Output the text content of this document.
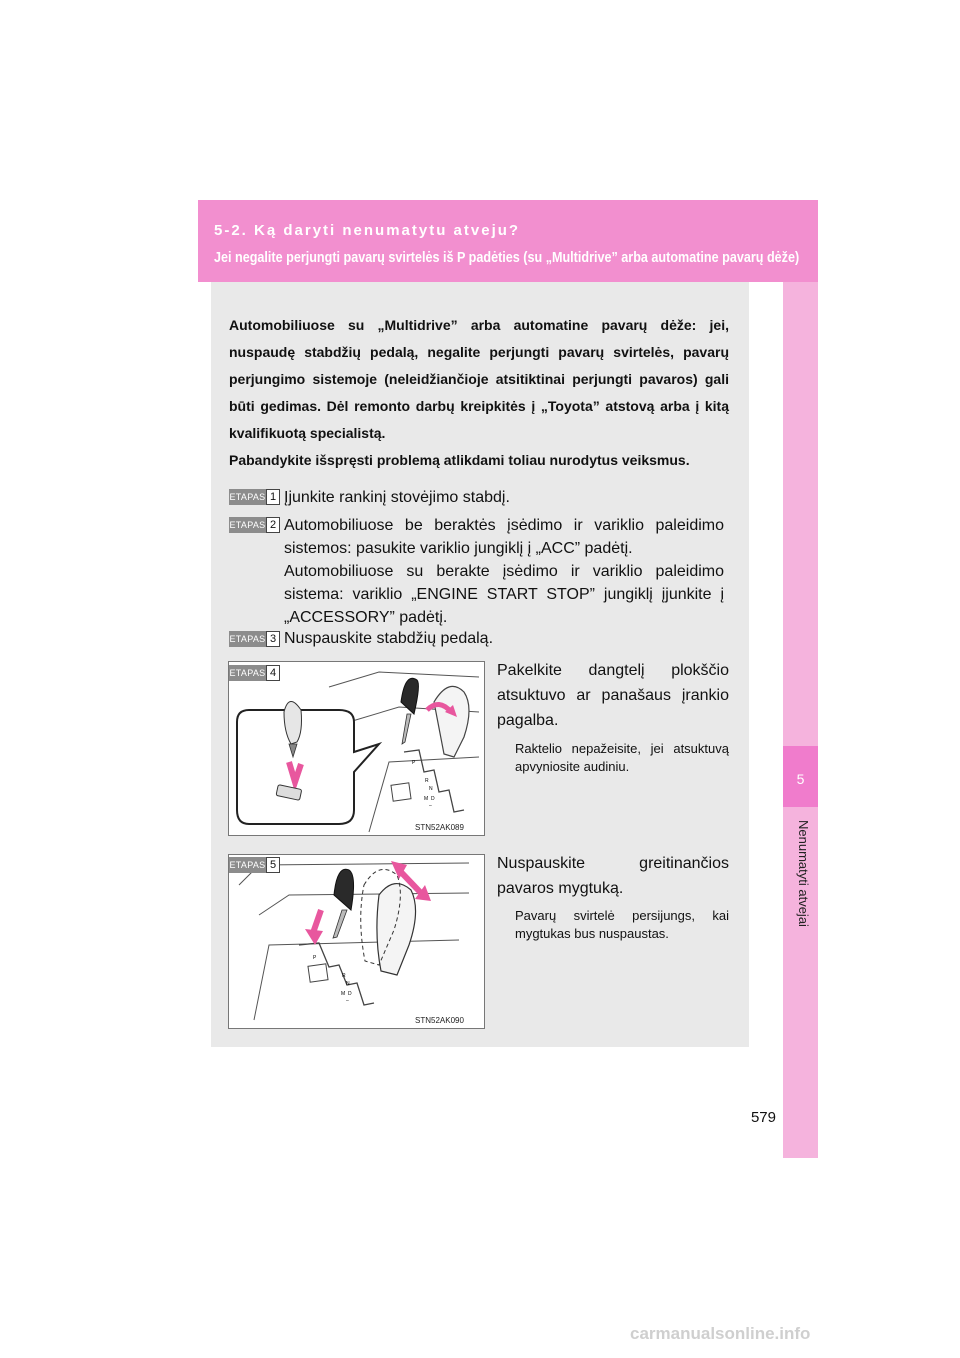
5-2. Ką daryti nenumatytu atveju?
Jei negalite perjungti pavarų svirtelės iš P padėties (su „Multidrive” arba automatine pavarų dėže)
5
Nenumatyti atvejai

Automobiliuose su „Multidrive” arba automatine pavarų dėže: jei, nuspaudę stabdžių pedalą, negalite perjungti pavarų svirtelės, pavarų perjungimo sistemoje (neleidžiančioje atsitiktinai perjungti pavaros) gali būti gedimas. Dėl remonto darbų kreipkitės į „Toyota” atstovą arba į kitą kvalifikuotą specialistą.
Pabandykite išspręsti problemą atlikdami toliau nurodytus veiksmus.

ETAPAS 1 Įjunkite rankinį stovėjimo stabdį.

ETAPAS 2 Automobiliuose be beraktės įsėdimo ir variklio paleidimo sistemos: pasukite variklio jungiklį į „ACC” padėtį.
Automobiliuose su berakte įsėdimo ir variklio paleidimo sistema: variklio „ENGINE START STOP” jungiklį įjunkite į „ACCESSORY” padėtį.

ETAPAS 3 Nuspauskite stabdžių pedalą.

P
R
N
M D
–
STN52AK089
ETAPAS 4	Pakelkite dangtelį plokščio atsuktuvo ar panašaus įrankio pagalba.

Raktelio nepažeisite, jei atsuktuvą apvyniosite audiniu.

P
R
N
M D
–
STN52AK090
ETAPAS 5	Nuspauskite greitinančios pavaros mygtuką.

Pavarų svirtelė persijungs, kai mygtukas bus nuspaustas.

579
carmanualsonline.info
